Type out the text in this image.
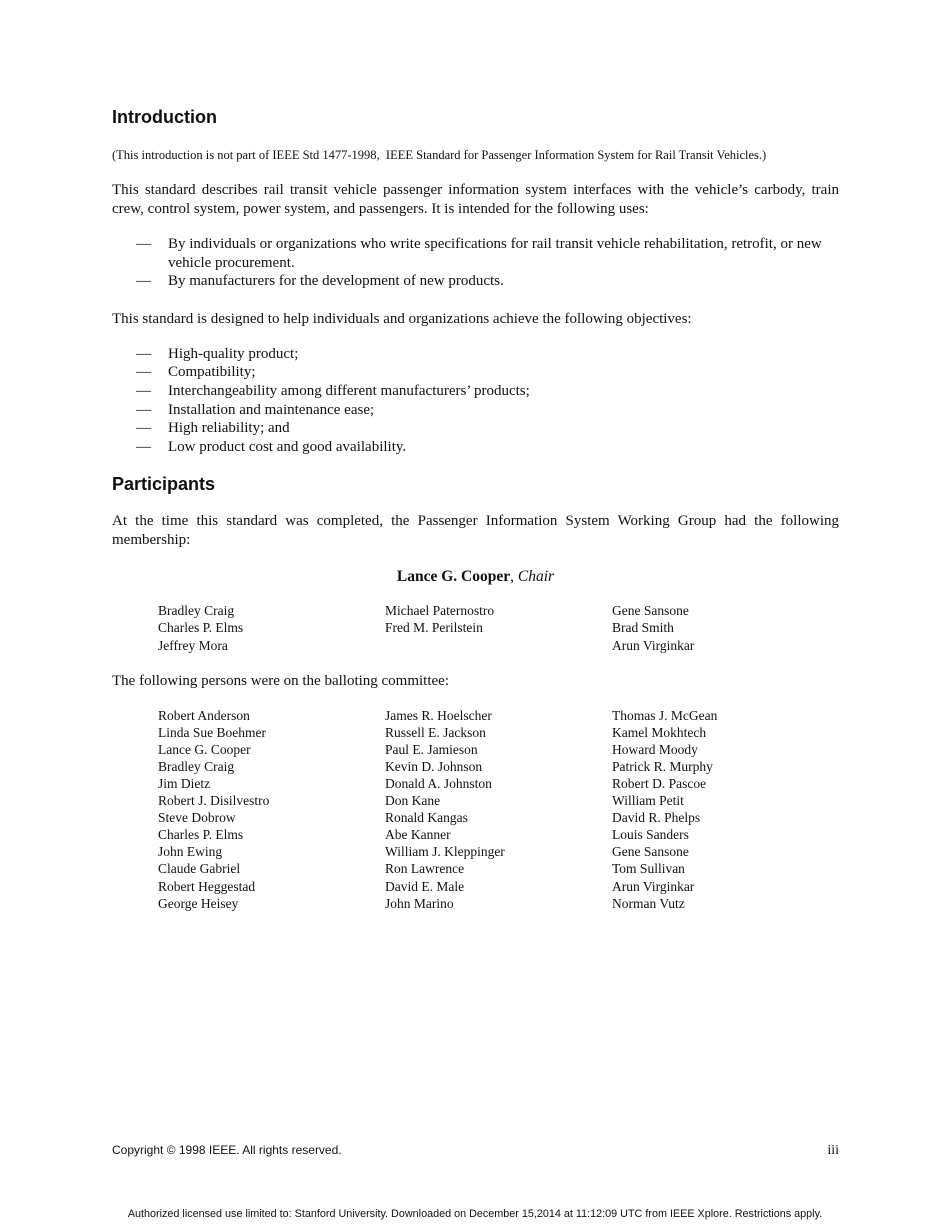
Introduction
(This introduction is not part of IEEE Std 1477-1998,  IEEE Standard for Passenger Information System for Rail Transit Vehicles.)

This standard describes rail transit vehicle passenger information system interfaces with the vehicle’s carbody, train crew, control system, power system, and passengers. It is intended for the following uses:

— By individuals or organizations who write specifications for rail transit vehicle rehabilitation, retrofit, or new vehicle procurement.
— By manufacturers for the development of new products.

This standard is designed to help individuals and organizations achieve the following objectives:

— High-quality product;
— Compatibility;
— Interchangeability among different manufacturers’ products;
— Installation and maintenance ease;
— High reliability; and
— Low product cost and good availability.
Participants

At the time this standard was completed, the Passenger Information System Working Group had the following membership:

Lance G. Cooper, Chair
Bradley Craig
Charles P. Elms
Jeffrey Mora
Michael Paternostro
Fred M. Perilstein
Gene Sansone
Brad Smith
Arun Virginkar

The following persons were on the balloting committee:

Robert Anderson
Linda Sue Boehmer
Lance G. Cooper
Bradley Craig
Jim Dietz
Robert J. Disilvestro
Steve Dobrow
Charles P. Elms
John Ewing
Claude Gabriel
Robert Heggestad
George Heisey
James R. Hoelscher
Russell E. Jackson
Paul E. Jamieson
Kevin D. Johnson
Donald A. Johnston
Don Kane
Ronald Kangas
Abe Kanner
William J. Kleppinger
Ron Lawrence
David E. Male
John Marino
Thomas J. McGean
Kamel Mokhtech
Howard Moody
Patrick R. Murphy
Robert D. Pascoe
William Petit
David R. Phelps
Louis Sanders
Gene Sansone
Tom Sullivan
Arun Virginkar
Norman Vutz
Copyright © 1998 IEEE. All rights reserved.	iii
Authorized licensed use limited to: Stanford University. Downloaded on December 15,2014 at 11:12:09 UTC from IEEE Xplore. Restrictions apply.
